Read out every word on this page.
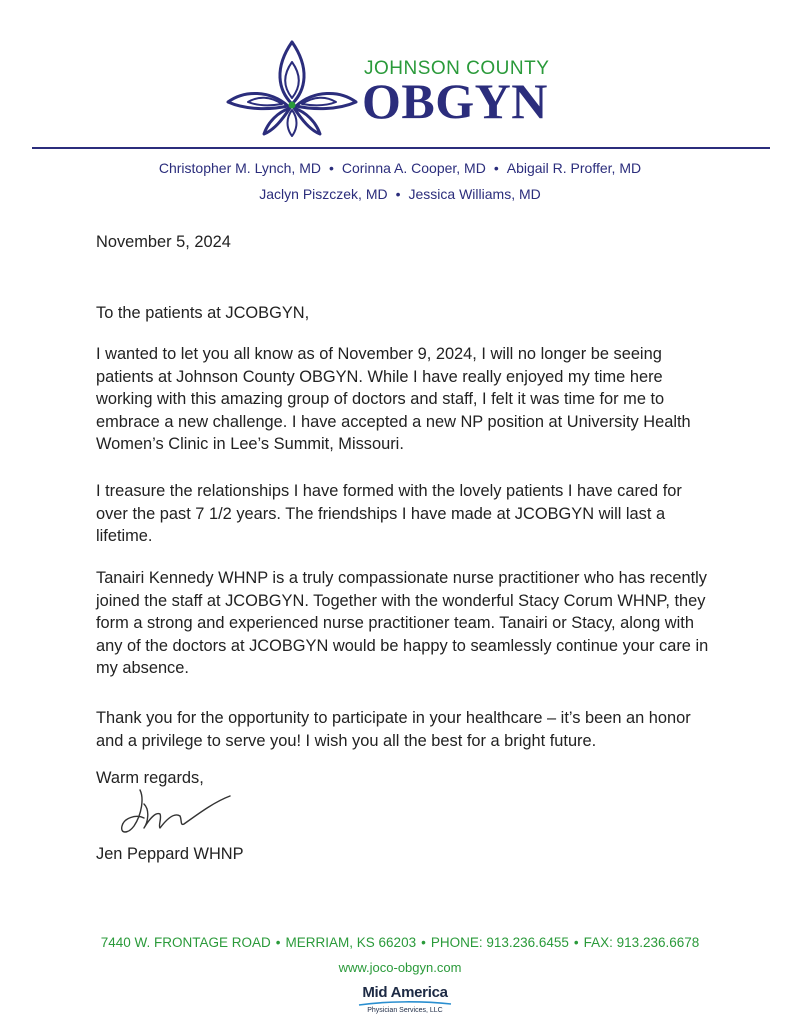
JOHNSON COUNTY
OBGYN
Christopher M. Lynch, MD • Corinna A. Cooper, MD • Abigail R. Proffer, MD
Jaclyn Piszczek, MD • Jessica Williams, MD
November 5, 2024
To the patients at JCOBGYN,
I wanted to let you all know as of November 9, 2024, I will no longer be seeing patients at Johnson County OBGYN. While I have really enjoyed my time here working with this amazing group of doctors and staff, I felt it was time for me to embrace a new challenge. I have accepted a new NP position at University Health Women’s Clinic in Lee’s Summit, Missouri.
I treasure the relationships I have formed with the lovely patients I have cared for over the past 7 1/2 years. The friendships I have made at JCOBGYN will last a lifetime.
Tanairi Kennedy WHNP is a truly compassionate nurse practitioner who has recently joined the staff at JCOBGYN. Together with the wonderful Stacy Corum WHNP, they form a strong and experienced nurse practitioner team. Tanairi or Stacy, along with any of the doctors at JCOBGYN would be happy to seamlessly continue your care in my absence.
Thank you for the opportunity to participate in your healthcare – it’s been an honor and a privilege to serve you! I wish you all the best for a bright future.
Warm regards,
Jen Peppard WHNP
7440 W. FRONTAGE ROAD • MERRIAM, KS 66203 • PHONE: 913.236.6455 • FAX: 913.236.6678
www.joco-obgyn.com
Mid America
Physician Services, LLC
